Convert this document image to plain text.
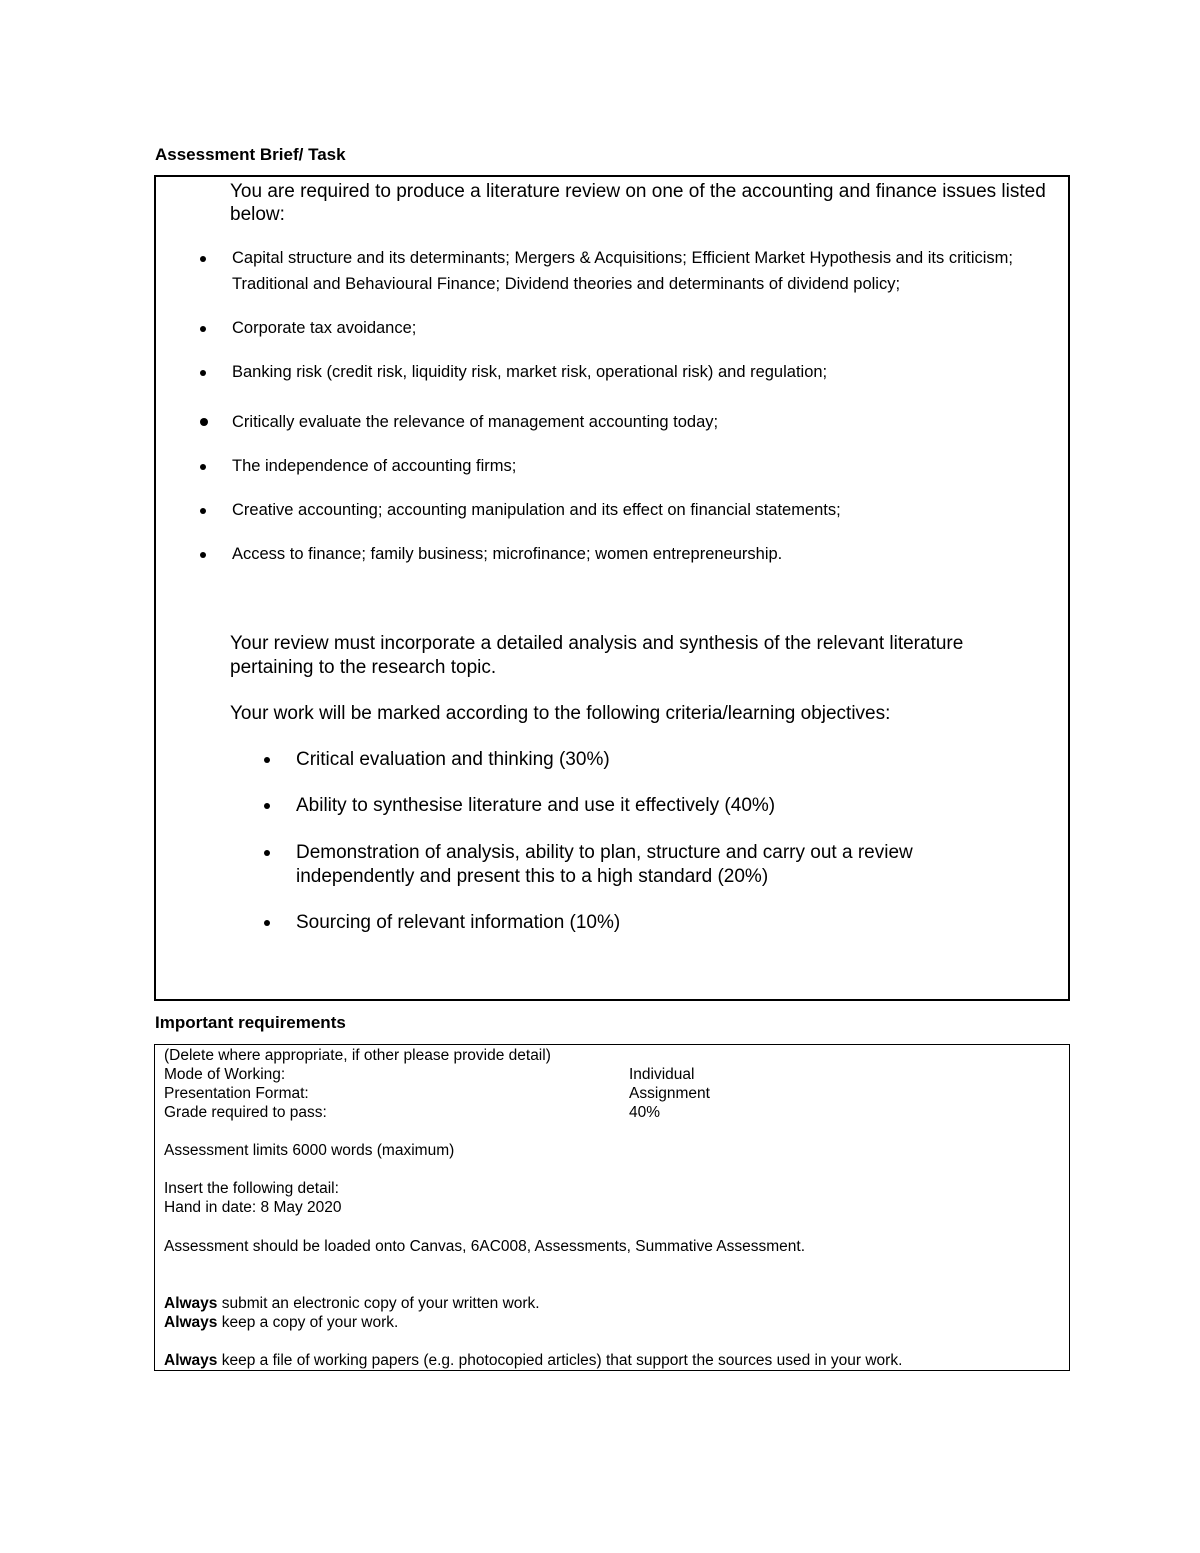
Assessment Brief/ Task
You are required to produce a literature review on one of the accounting and finance issues listed below:
Capital structure and its determinants; Mergers & Acquisitions; Efficient Market Hypothesis and its criticism; Traditional and Behavioural Finance; Dividend theories and determinants of dividend policy;
Corporate tax avoidance;
Banking risk (credit risk, liquidity risk, market risk, operational risk) and regulation;
Critically evaluate the relevance of management accounting today;
The independence of accounting firms;
Creative accounting; accounting manipulation and its effect on financial statements;
Access to finance; family business; microfinance; women entrepreneurship.
Your review must incorporate a detailed analysis and synthesis of the relevant literature pertaining to the research topic.
Your work will be marked according to the following criteria/learning objectives:
Critical evaluation and thinking (30%)
Ability to synthesise literature and use it effectively (40%)
Demonstration of analysis, ability to plan, structure and carry out a review independently and present this to a high standard (20%)
Sourcing of relevant information (10%)
Important requirements
(Delete where appropriate, if other please provide detail)
Mode of Working:	Individual
Presentation Format:	Assignment
Grade required to pass:	40%
Assessment limits 6000 words (maximum)
Insert the following detail:
Hand in date: 8 May 2020
Assessment should be loaded onto Canvas, 6AC008, Assessments, Summative Assessment.
Always submit an electronic copy of your written work.
Always keep a copy of your work.
Always keep a file of working papers (e.g. photocopied articles) that support the sources used in your work.
